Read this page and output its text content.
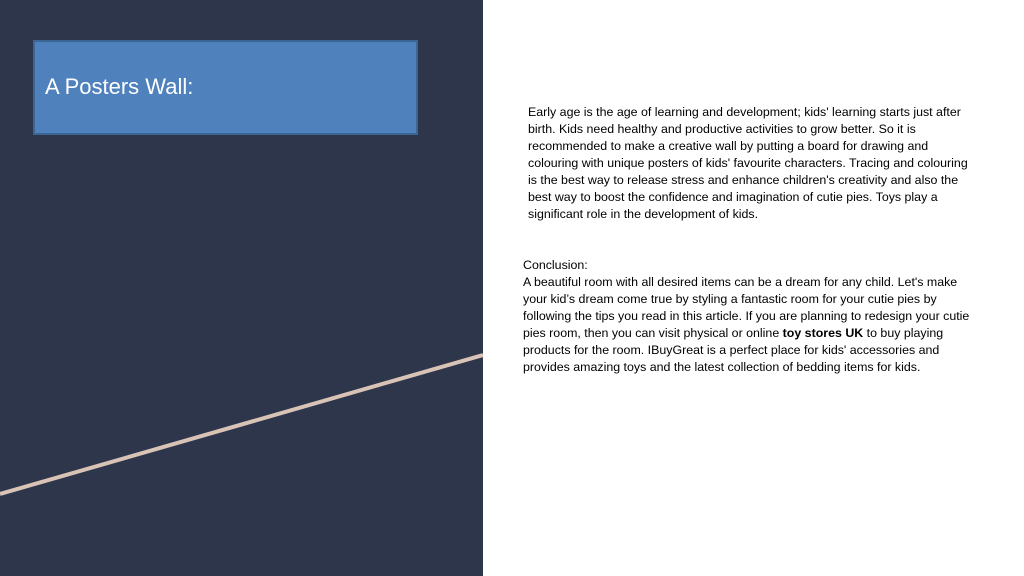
A Posters Wall:
Early age is the age of learning and development; kids' learning starts just after birth. Kids need healthy and productive activities to grow better. So it is recommended to make a creative wall by putting a board for drawing and colouring with unique posters of kids' favourite characters. Tracing and colouring is the best way to release stress and enhance children's creativity and also the best way to boost the confidence and imagination of cutie pies. Toys play a significant role in the development of kids.
Conclusion:
A beautiful room with all desired items can be a dream for any child. Let's make your kid’s dream come true by styling a fantastic room for your cutie pies by following the tips you read in this article. If you are planning to redesign your cutie pies room, then you can visit physical or online toy stores UK to buy playing products for the room. IBuyGreat is a perfect place for kids' accessories and provides amazing toys and the latest collection of bedding items for kids.
